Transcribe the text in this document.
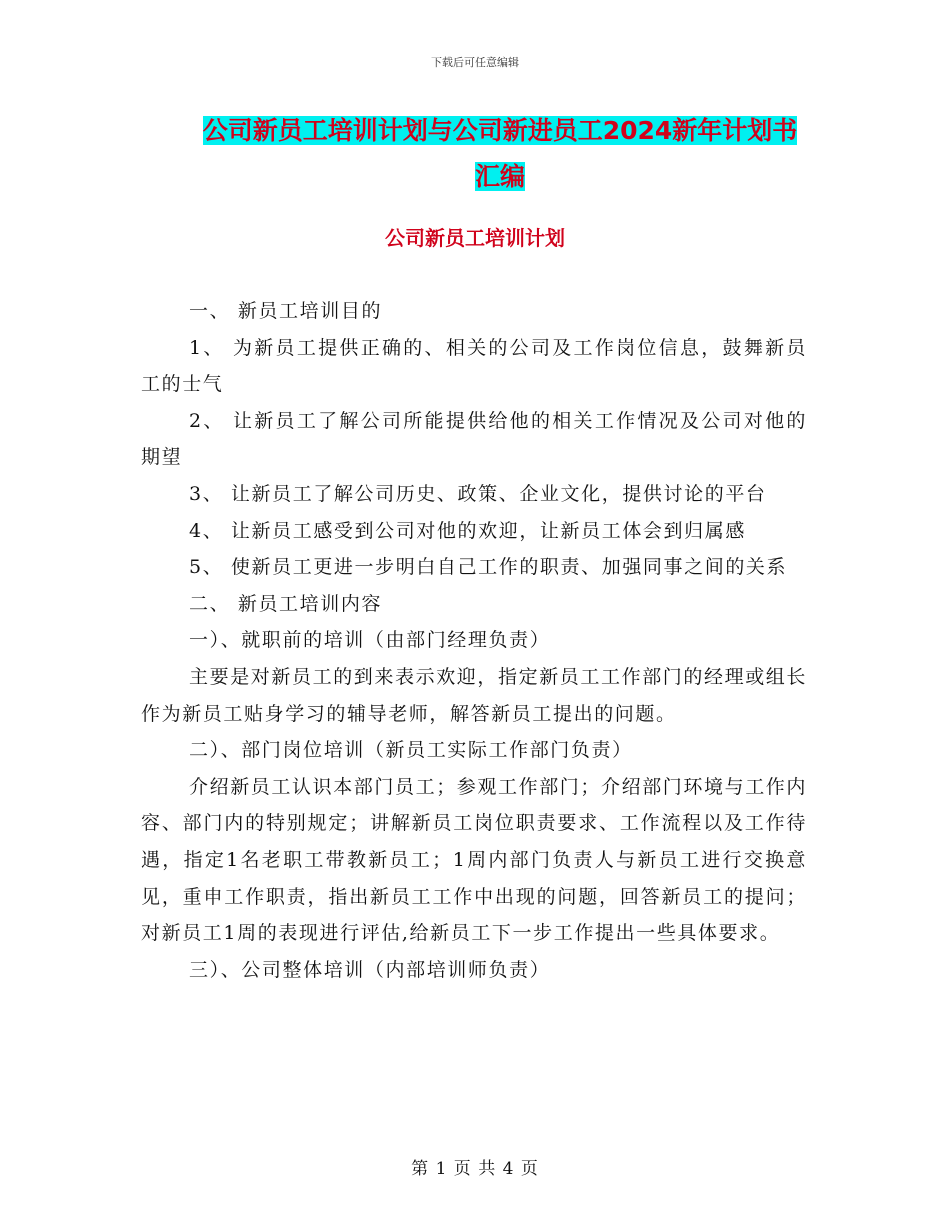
下载后可任意编辑
公司新员工培训计划与公司新进员工2024新年计划书
汇编
公司新员工培训计划

一、 新员工培训目的

1、 为新员工提供正确的、相关的公司及工作岗位信息，鼓舞新员工的士气

2、 让新员工了解公司所能提供给他的相关工作情况及公司对他的期望

3、 让新员工了解公司历史、政策、企业文化，提供讨论的平台

4、 让新员工感受到公司对他的欢迎，让新员工体会到归属感

5、 使新员工更进一步明白自己工作的职责、加强同事之间的关系

二、 新员工培训内容

一）、就职前的培训（由部门经理负责）

主要是对新员工的到来表示欢迎，指定新员工工作部门的经理或组长作为新员工贴身学习的辅导老师，解答新员工提出的问题。

二）、部门岗位培训（新员工实际工作部门负责）

介绍新员工认识本部门员工；参观工作部门；介绍部门环境与工作内容、部门内的特别规定；讲解新员工岗位职责要求、工作流程以及工作待遇，指定1名老职工带教新员工；1周内部门负责人与新员工进行交换意见，重申工作职责，指出新员工工作中出现的问题，回答新员工的提问；对新员工1周的表现进行评估,给新员工下一步工作提出一些具体要求。

三）、公司整体培训（内部培训师负责）

第 1 页 共 4 页
